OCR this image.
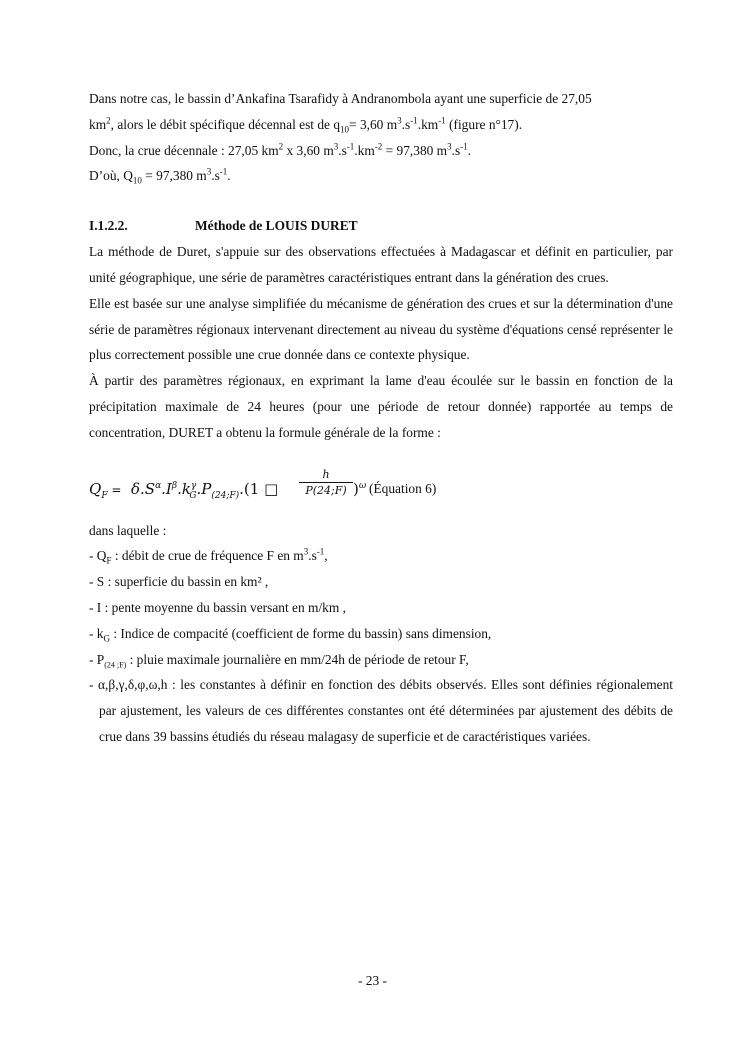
Dans notre cas, le bassin d’Ankafina Tsarafidy à Andranombola ayant une superficie de 27,05

$km^2$, alors le débit spécifique décennal est de $q_{10}= 3,60$ $m^3.s^{-1}.km^{-1}$ (figure n°17).

Donc, la crue décennale : 27,05 $km^2$ x 3,60 $m^3.s^{-1}.km^{-2} = 97,380$ $m^3.s^{-1}$.

D’où, $Q_{10} = 97,380$ $m^3.s^{-1}$.

I.1.2.2.	Méthode de LOUIS DURET

La méthode de Duret, s'appuie sur des observations effectuées à Madagascar et définit en particulier, par unité géographique, une série de paramètres caractéristiques entrant dans la génération des crues.

Elle est basée sur une analyse simplifiée du mécanisme de génération des crues et sur la détermination d'une série de paramètres régionaux intervenant directement au niveau du système d'équations censé représenter le plus correctement possible une crue donnée dans ce contexte physique.

À partir des paramètres régionaux, en exprimant la lame d'eau écoulée sur le bassin en fonction de la précipitation maximale de 24 heures (pour une période de retour donnée) rapportée au temps de concentration, DURET a obtenu la formule générale de la forme :

$Q_F = \delta.S^\alpha.I^\beta.k^\gamma_G.P_{(24;F)}.(1$ □
h
P(24;F) )$^\omega$ (Équation 6)

dans laquelle :

- $Q_F$ : débit de crue de fréquence F en $m^3.s^{-1}$,
- S : superficie du bassin en km² ,
- I : pente moyenne du bassin versant en m/km ,
- $k_G$ : Indice de compacité (coefficient de forme du bassin) sans dimension,
- $P_{(24 ;F)}$ : pluie maximale journalière en mm/24h de période de retour F,
- α,β,γ,δ,φ,ω,h : les constantes à définir en fonction des débits observés. Elles sont définies régionalement par ajustement, les valeurs de ces différentes constantes ont été déterminées par ajustement des débits de crue dans 39 bassins étudiés du réseau malagasy de superficie et de caractéristiques variées.
- 23 -
